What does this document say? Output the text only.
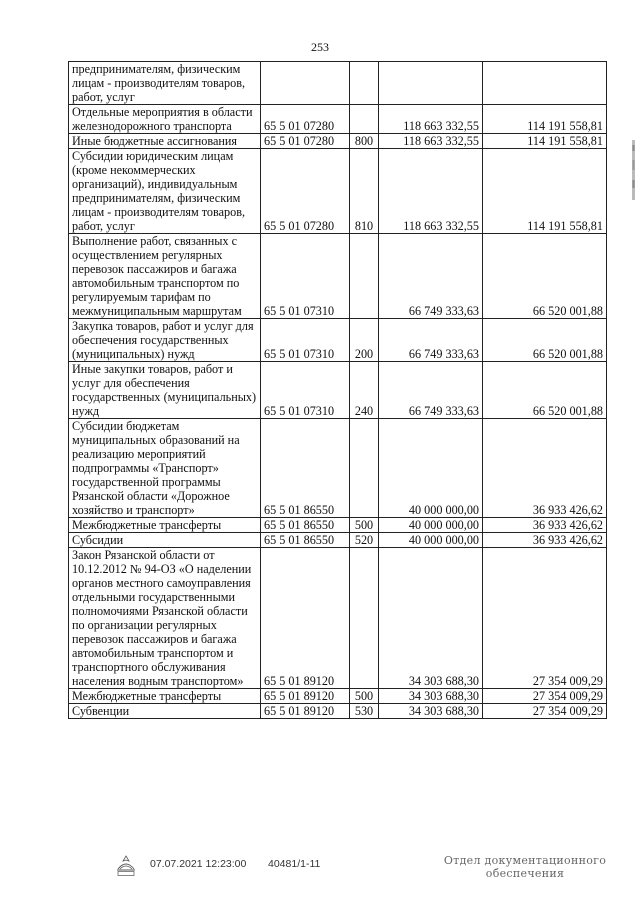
253
предпринимателям, физическим лицам - производителям товаров, работ, услуг				
Отдельные мероприятия в области железнодорожного транспорта	65 5 01 07280		118 663 332,55	114 191 558,81
Иные бюджетные ассигнования	65 5 01 07280	800	118 663 332,55	114 191 558,81
Субсидии юридическим лицам (кроме некоммерческих организаций), индивидуальным предпринимателям, физическим лицам - производителям товаров, работ, услуг	65 5 01 07280	810	118 663 332,55	114 191 558,81
Выполнение работ, связанных с осуществлением регулярных перевозок пассажиров и багажа автомобильным транспортом по регулируемым тарифам по межмуниципальным маршрутам	65 5 01 07310		66 749 333,63	66 520 001,88
Закупка товаров, работ и услуг для обеспечения государственных (муниципальных) нужд	65 5 01 07310	200	66 749 333,63	66 520 001,88
Иные закупки товаров, работ и услуг для обеспечения государственных (муниципальных) нужд	65 5 01 07310	240	66 749 333,63	66 520 001,88
Субсидии бюджетам муниципальных образований на реализацию мероприятий подпрограммы «Транспорт» государственной программы Рязанской области «Дорожное хозяйство и транспорт»	65 5 01 86550		40 000 000,00	36 933 426,62
Межбюджетные трансферты	65 5 01 86550	500	40 000 000,00	36 933 426,62
Субсидии	65 5 01 86550	520	40 000 000,00	36 933 426,62
Закон Рязанской области от 10.12.2012 № 94-ОЗ «О наделении органов местного самоуправления отдельными государственными полномочиями Рязанской области по организации регулярных перевозок пассажиров и багажа автомобильным транспортом и транспортного обслуживания населения водным транспортом»	65 5 01 89120		34 303 688,30	27 354 009,29
Межбюджетные трансферты	65 5 01 89120	500	34 303 688,30	27 354 009,29
Субвенции	65 5 01 89120	530	34 303 688,30	27 354 009,29
07.07.2021 12:23:00 40481/1-11	Отдел документационного
обеспечения
